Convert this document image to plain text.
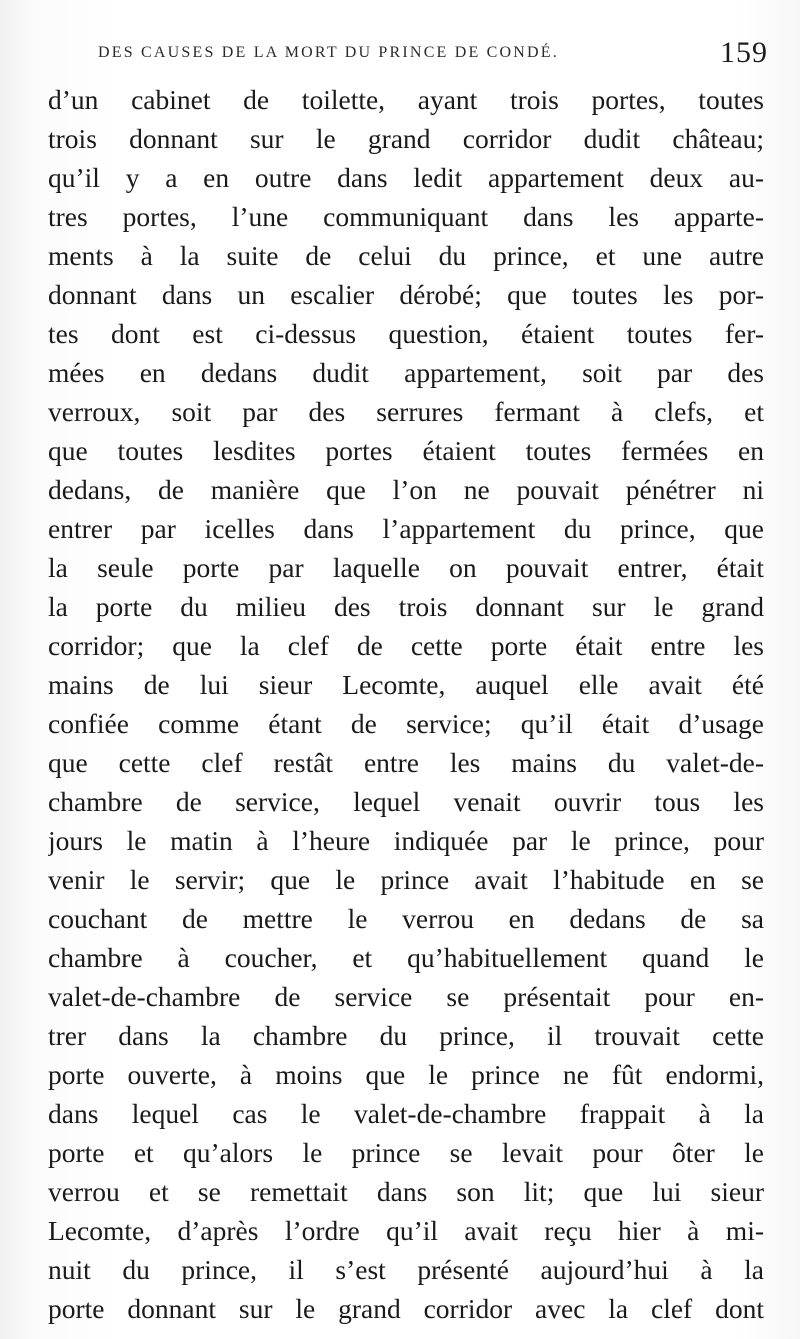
DES CAUSES DE LA MORT DU PRINCE DE CONDÉ.	159
d’un cabinet de toilette, ayant trois portes, toutes
trois donnant sur le grand corridor dudit château;
qu’il y a en outre dans ledit appartement deux au-
tres portes, l’une communiquant dans les apparte-
ments à la suite de celui du prince, et une autre
donnant dans un escalier dérobé; que toutes les por-
tes dont est ci-dessus question, étaient toutes fer-
mées en dedans dudit appartement, soit par des
verroux, soit par des serrures fermant à clefs, et
que toutes lesdites portes étaient toutes fermées en
dedans, de manière que l’on ne pouvait pénétrer ni
entrer par icelles dans l’appartement du prince, que
la seule porte par laquelle on pouvait entrer, était
la porte du milieu des trois donnant sur le grand
corridor; que la clef de cette porte était entre les
mains de lui sieur Lecomte, auquel elle avait été
confiée comme étant de service; qu’il était d’usage
que cette clef restât entre les mains du valet-de-
chambre de service, lequel venait ouvrir tous les
jours le matin à l’heure indiquée par le prince, pour
venir le servir; que le prince avait l’habitude en se
couchant de mettre le verrou en dedans de sa
chambre à coucher, et qu’habituellement quand le
valet-de-chambre de service se présentait pour en-
trer dans la chambre du prince, il trouvait cette
porte ouverte, à moins que le prince ne fût endormi,
dans lequel cas le valet-de-chambre frappait à la
porte et qu’alors le prince se levait pour ôter le
verrou et se remettait dans son lit; que lui sieur
Lecomte, d’après l’ordre qu’il avait reçu hier à mi-
nuit du prince, il s’est présenté aujourd’hui à la
porte donnant sur le grand corridor avec la clef dont
